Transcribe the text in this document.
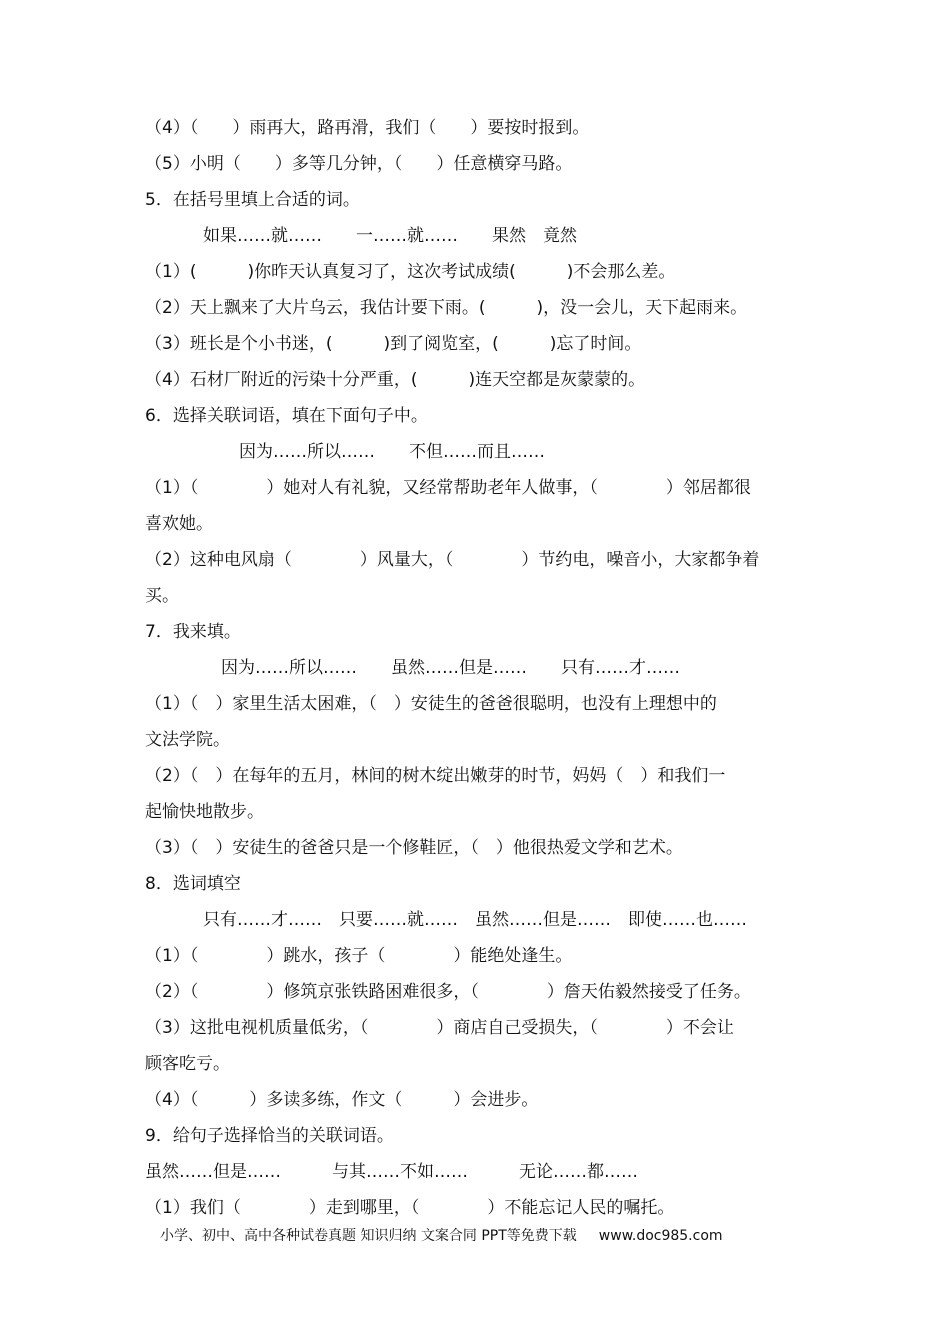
（4）（　　）雨再大，路再滑，我们（　　）要按时报到。
（5）小明（　　）多等几分钟，（　　）任意横穿马路。
5．在括号里填上合适的词。
如果……就……　　一……就……　　果然　竟然
（1）(　　　)你昨天认真复习了，这次考试成绩(　　　)不会那么差。
（2）天上飘来了大片乌云，我估计要下雨。(　　　)，没一会儿，天下起雨来。
（3）班长是个小书迷，(　　　)到了阅览室，(　　　)忘了时间。
（4）石材厂附近的污染十分严重，(　　　)连天空都是灰蒙蒙的。
6．选择关联词语，填在下面句子中。
因为……所以……　　不但……而且……
（1）（　　　　）她对人有礼貌，又经常帮助老年人做事，（　　　　）邻居都很
喜欢她。
（2）这种电风扇（　　　　）风量大，（　　　　）节约电，噪音小，大家都争着
买。
7．我来填。
因为……所以……　　虽然……但是……　　只有……才……
（1）（　）家里生活太困难，（　）安徒生的爸爸很聪明，也没有上理想中的
文法学院。
（2）（　）在每年的五月，林间的树木绽出嫩芽的时节，妈妈（　）和我们一
起愉快地散步。
（3）（　）安徒生的爸爸只是一个修鞋匠，（　）他很热爱文学和艺术。
8．选词填空
只有……才……　只要……就……　虽然……但是……　即使……也……
（1）（　　　　）跳水，孩子（　　　　）能绝处逢生。
（2）（　　　　）修筑京张铁路困难很多，（　　　　）詹天佑毅然接受了任务。
（3）这批电视机质量低劣，（　　　　）商店自己受损失，（　　　　）不会让
顾客吃亏。
（4）（　　　）多读多练，作文（　　　）会进步。
9．给句子选择恰当的关联词语。
虽然……但是……　　　与其……不如……　　　无论……都……
（1）我们（　　　　）走到哪里，（　　　　）不能忘记人民的嘱托。
小学、初中、高中各种试卷真题 知识归纳 文案合同 PPT等免费下载 www.doc985.com
